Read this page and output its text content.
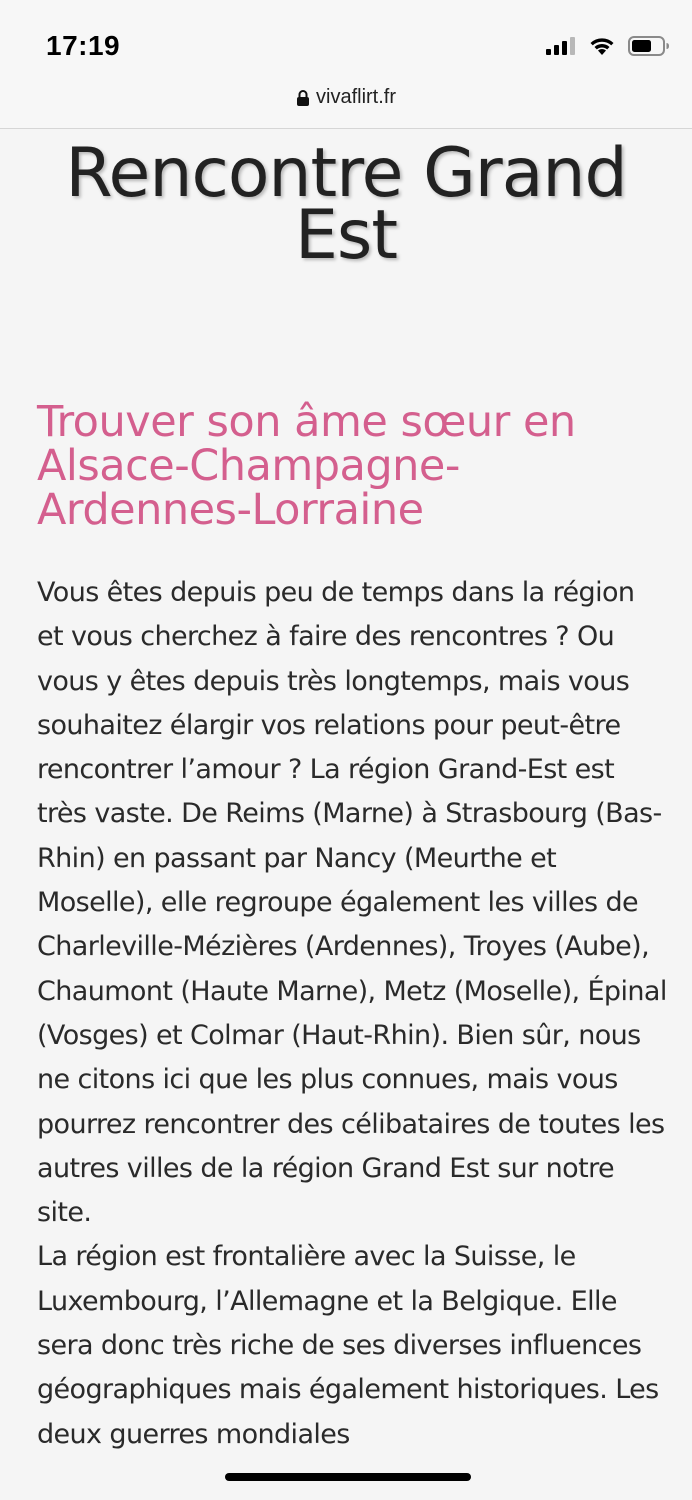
17:19
vivaflirt.fr
Rencontre Grand Est
Trouver son âme sœur en Alsace-Champagne-Ardennes-Lorraine

Vous êtes depuis peu de temps dans la région et vous cherchez à faire des rencontres ? Ou vous y êtes depuis très longtemps, mais vous souhaitez élargir vos relations pour peut-être rencontrer l’amour ? La région Grand-Est est très vaste. De Reims (Marne) à Strasbourg (Bas-Rhin) en passant par Nancy (Meurthe et Moselle), elle regroupe également les villes de Charleville-Mézières (Ardennes), Troyes (Aube), Chaumont (Haute Marne), Metz (Moselle), Épinal (Vosges) et Colmar (Haut-Rhin). Bien sûr, nous ne citons ici que les plus connues, mais vous pourrez rencontrer des célibataires de toutes les autres villes de la région Grand Est sur notre site.

La région est frontalière avec la Suisse, le Luxembourg, l’Allemagne et la Belgique. Elle sera donc très riche de ses diverses influences géographiques mais également historiques. Les deux guerres mondiales
